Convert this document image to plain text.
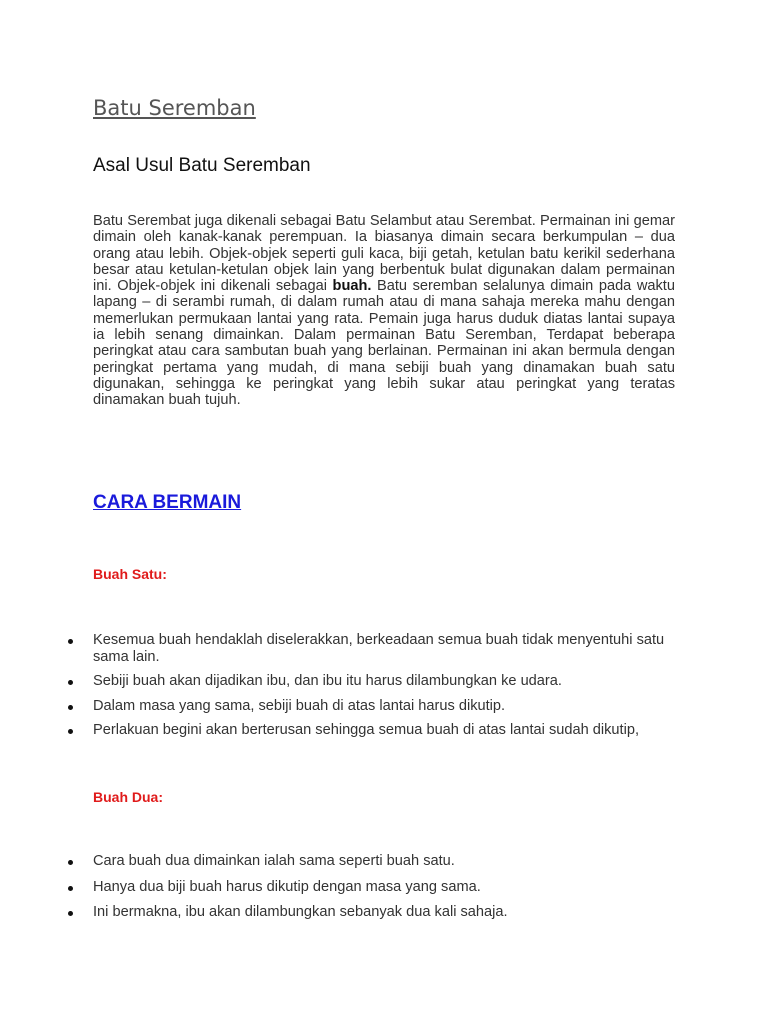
Batu Seremban
Asal Usul Batu Seremban

Batu Serembat juga dikenali sebagai Batu Selambut atau Serembat. Permainan ini gemar dimain oleh kanak-kanak perempuan. Ia biasanya dimain secara berkumpulan – dua orang atau lebih. Objek-objek seperti guli kaca, biji getah, ketulan batu kerikil sederhana besar atau ketulan-ketulan objek lain yang berbentuk bulat digunakan dalam permainan ini. Objek-objek ini dikenali sebagai buah. Batu seremban selalunya dimain pada waktu lapang – di serambi rumah, di dalam rumah atau di mana sahaja mereka mahu dengan memerlukan permukaan lantai yang rata. Pemain juga harus duduk diatas lantai supaya ia lebih senang dimainkan. Dalam permainan Batu Seremban, Terdapat beberapa peringkat atau cara sambutan buah yang berlainan. Permainan ini akan bermula dengan peringkat pertama yang mudah, di mana sebiji buah yang dinamakan buah satu digunakan, sehingga ke peringkat yang lebih sukar atau peringkat yang teratas dinamakan buah tujuh.

CARA BERMAIN
Buah Satu:
Kesemua buah hendaklah diselerakkan, berkeadaan semua buah tidak menyentuhi satu sama lain.
Sebiji buah akan dijadikan ibu, dan ibu itu harus dilambungkan ke udara.
Dalam masa yang sama, sebiji buah di atas lantai harus dikutip.
Perlakuan begini akan berterusan sehingga semua buah di atas lantai sudah dikutip,
Buah Dua:
Cara buah dua dimainkan ialah sama seperti buah satu.
Hanya dua biji buah harus dikutip dengan masa yang sama.
Ini bermakna, ibu akan dilambungkan sebanyak dua kali sahaja.
